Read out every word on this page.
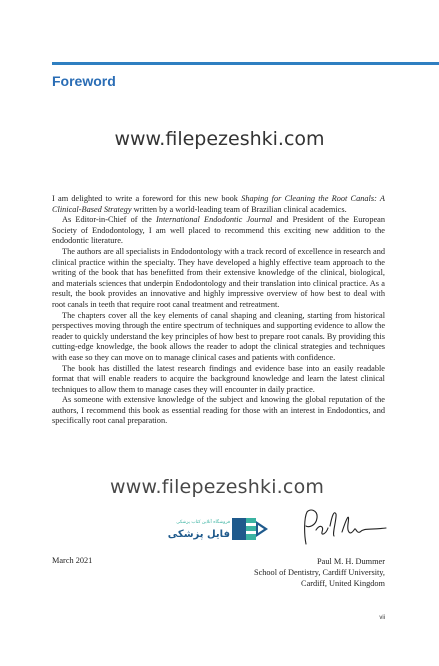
Foreword
www.filepezeshki.com

I am delighted to write a foreword for this new book Shaping for Cleaning the Root Canals: A Clinical-Based Strategy written by a world-leading team of Brazilian clinical academics.

As Editor-in-Chief of the International Endodontic Journal and President of the European Society of Endodontology, I am well placed to recommend this exciting new addition to the endodontic literature.

The authors are all specialists in Endodontology with a track record of excellence in research and clinical practice within the specialty. They have developed a highly effective team approach to the writing of the book that has benefitted from their extensive knowledge of the clinical, biological, and materials sciences that underpin Endodontology and their translation into clinical practice. As a result, the book provides an innovative and highly impressive overview of how best to deal with root canals in teeth that require root canal treatment and retreatment.

The chapters cover all the key elements of canal shaping and cleaning, starting from historical perspectives moving through the entire spectrum of techniques and supporting evidence to allow the reader to quickly understand the key principles of how best to prepare root canals. By providing this cutting-edge knowledge, the book allows the reader to adopt the clinical strategies and techniques with ease so they can move on to manage clinical cases and patients with confidence.

The book has distilled the latest research findings and evidence base into an easily readable format that will enable readers to acquire the background knowledge and learn the latest clinical techniques to allow them to manage cases they will encounter in daily practice.

As someone with extensive knowledge of the subject and knowing the global reputation of the authors, I recommend this book as essential reading for those with an interest in Endodontics, and specifically root canal preparation.

www.filepezeshki.com
فایل پزشکی
فروشگاه آنلاین کتاب پزشکی
March 2021	Paul M. H. Dummer
School of Dentistry, Cardiff University,
Cardiff, United Kingdom
vii
